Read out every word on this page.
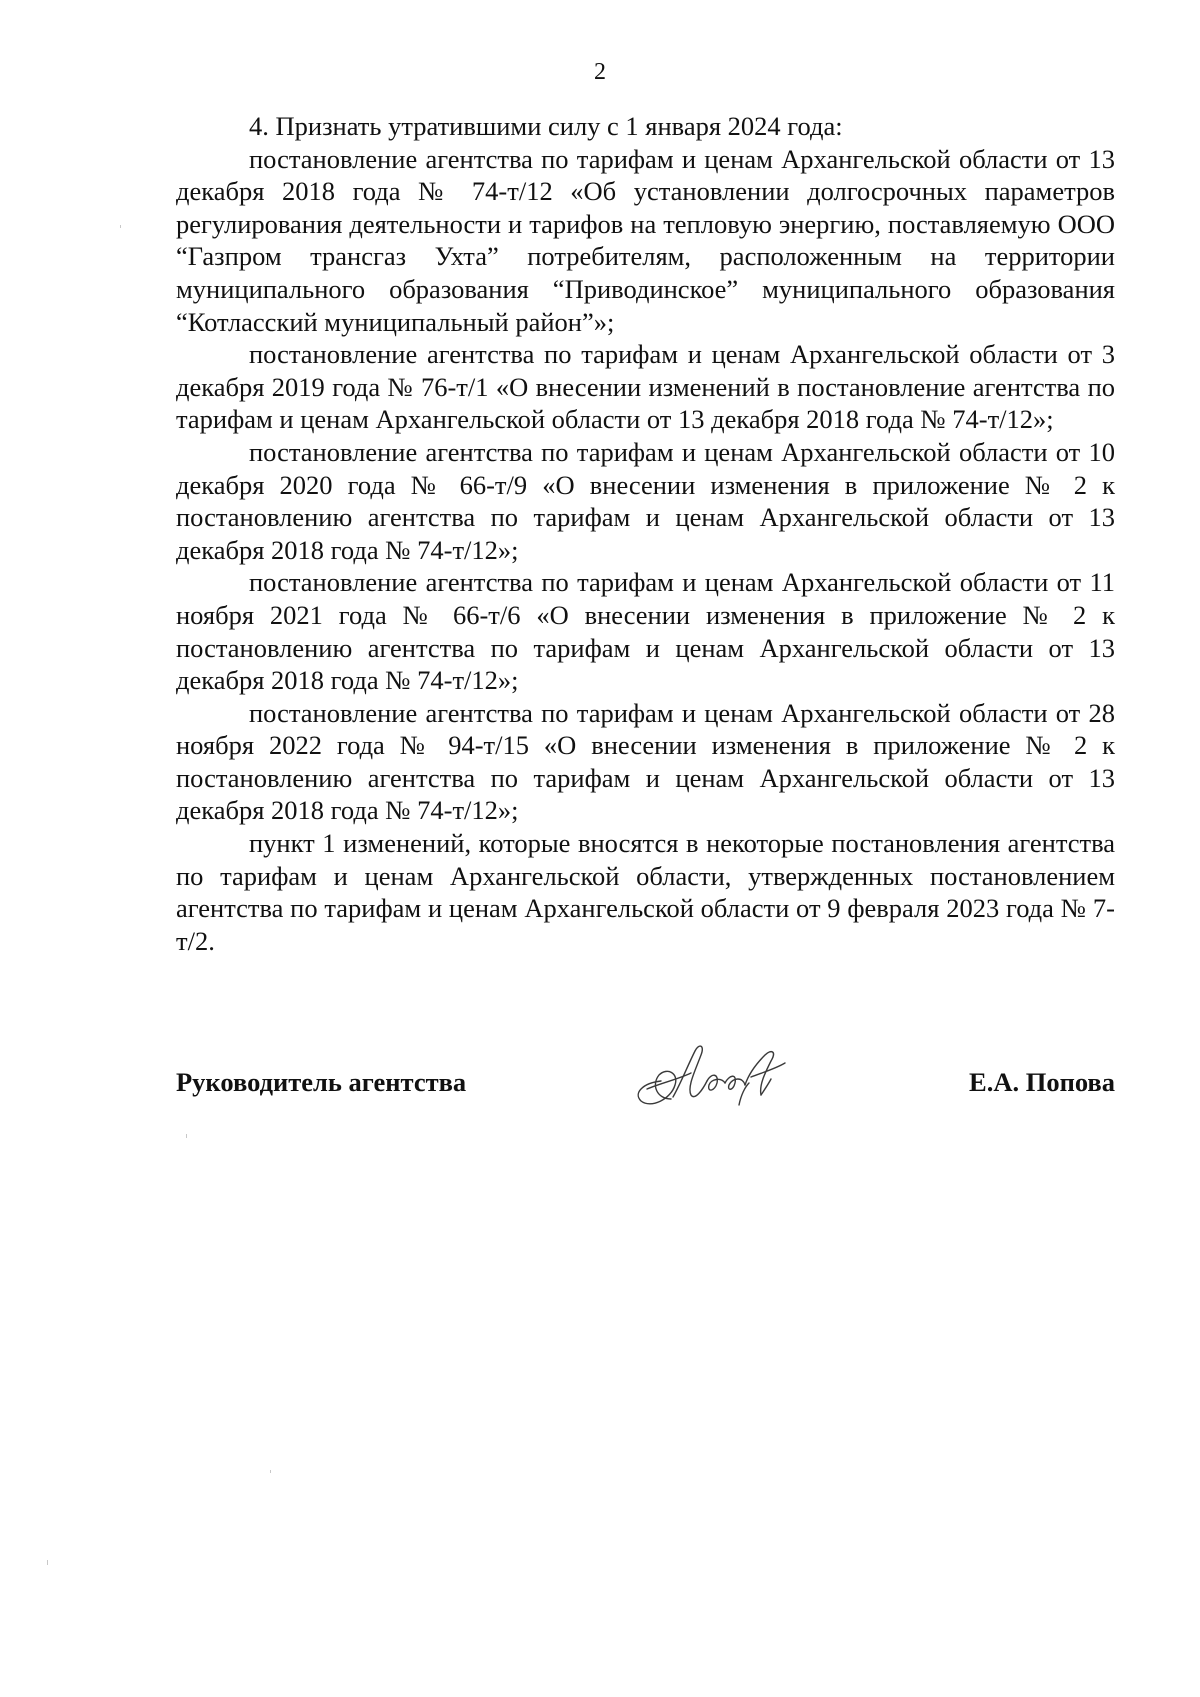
2

4. Признать утратившими силу с 1 января 2024 года:

постановление агентства по тарифам и ценам Архангельской области от 13 декабря 2018 года № 74-т/12 «Об установлении долгосрочных параметров регулирования деятельности и тарифов на тепловую энергию, поставляемую ООО “Газпром трансгаз Ухта” потребителям, расположенным на территории муниципального образования “Приводинское” муниципального образования “Котласский муниципальный район”»;

постановление агентства по тарифам и ценам Архангельской области от 3 декабря 2019 года № 76-т/1 «О внесении изменений в постановление агентства по тарифам и ценам Архангельской области от 13 декабря 2018 года № 74-т/12»;

постановление агентства по тарифам и ценам Архангельской области от 10 декабря 2020 года № 66-т/9 «О внесении изменения в приложение № 2 к постановлению агентства по тарифам и ценам Архангельской области от 13 декабря 2018 года № 74-т/12»;

постановление агентства по тарифам и ценам Архангельской области от 11 ноября 2021 года № 66-т/6 «О внесении изменения в приложение № 2 к постановлению агентства по тарифам и ценам Архангельской области от 13 декабря 2018 года № 74-т/12»;

постановление агентства по тарифам и ценам Архангельской области от 28 ноября 2022 года № 94-т/15 «О внесении изменения в приложение № 2 к постановлению агентства по тарифам и ценам Архангельской области от 13 декабря 2018 года № 74-т/12»;

пункт 1 изменений, которые вносятся в некоторые постановления агентства по тарифам и ценам Архангельской области, утвержденных постановлением агентства по тарифам и ценам Архангельской области от 9 февраля 2023 года № 7-т/2.

Руководитель агентства	Е.А. Попова
